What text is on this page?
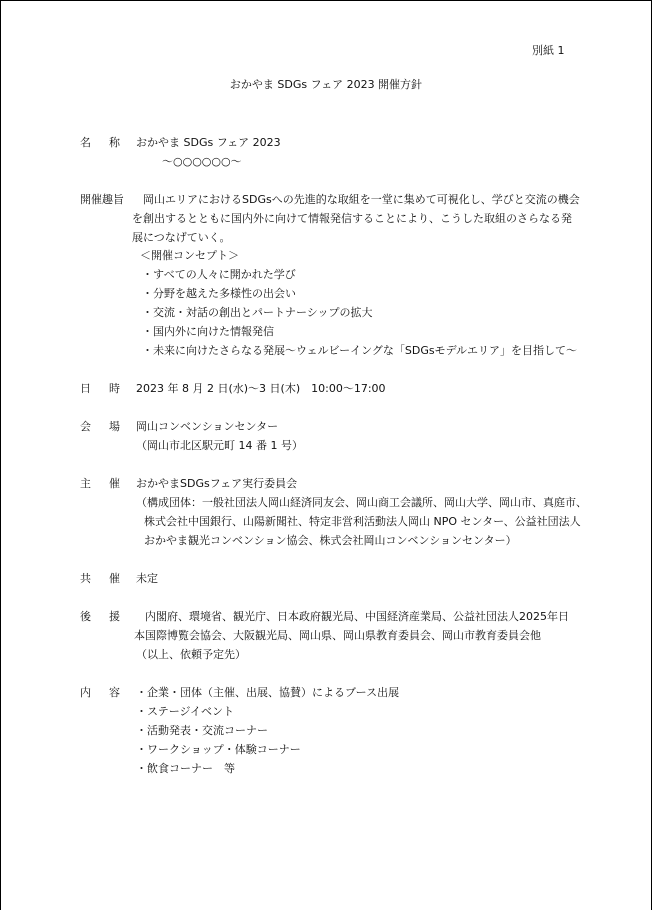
別紙 1
おかやま SDGs フェア 2023 開催方針
名 称 おかやま SDGs フェア 2023
～○○○○○○～
開催趣旨 　岡山エリアにおけるSDGsへの先進的な取組を一堂に集めて可視化し、学びと交流の機会を創出するとともに国内外に向けて情報発信することにより、こうした取組のさらなる発展につなげていく。
＜開催コンセプト＞
・すべての人々に開かれた学び
・分野を越えた多様性の出会い
・交流・対話の創出とパートナーシップの拡大
・国内外に向けた情報発信
・未来に向けたさらなる発展～ウェルビーイングな「SDGsモデルエリア」を目指して～
日 時 2023 年 8 月 2 日(水)～3 日(木)　10:00～17:00
会 場 岡山コンベンションセンター
（岡山市北区駅元町 14 番 1 号）
主 催 おかやまSDGsフェア実行委員会
（構成団体：一般社団法人岡山経済同友会、岡山商工会議所、岡山大学、岡山市、真庭市、
株式会社中国銀行、山陽新聞社、特定非営利活動法人岡山 NPO センター、公益社団法人
おかやま観光コンベンション協会、株式会社岡山コンベンションセンター）
共 催 未定
後 援 　内閣府、環境省、観光庁、日本政府観光局、中国経済産業局、公益社団法人2025年日本国際博覧会協会、大阪観光局、岡山県、岡山県教育委員会、岡山市教育委員会他
（以上、依頼予定先）
内 容 ・企業・団体（主催、出展、協賛）によるブース出展
・ステージイベント
・活動発表・交流コーナー
・ワークショップ・体験コーナー
・飲食コーナー　等
